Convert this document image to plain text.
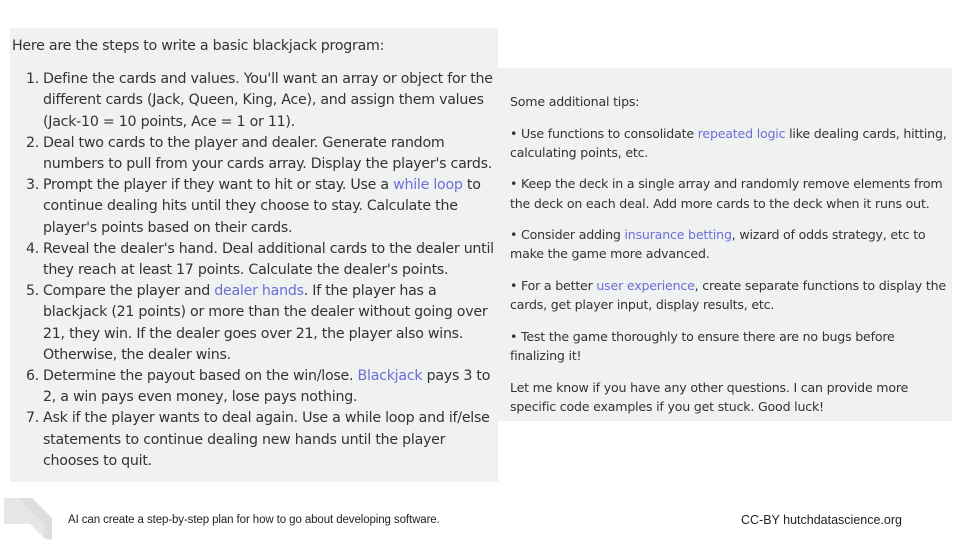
Here are the steps to write a basic blackjack program:

1. Define the cards and values. You'll want an array or object for the different cards (Jack, Queen, King, Ace), and assign them values (Jack-10 = 10 points, Ace = 1 or 11).
2. Deal two cards to the player and dealer. Generate random numbers to pull from your cards array. Display the player's cards.
3. Prompt the player if they want to hit or stay. Use a while loop to continue dealing hits until they choose to stay. Calculate the player's points based on their cards.
4. Reveal the dealer's hand. Deal additional cards to the dealer until they reach at least 17 points. Calculate the dealer's points.
5. Compare the player and dealer hands. If the player has a blackjack (21 points) or more than the dealer without going over 21, they win. If the dealer goes over 21, the player also wins. Otherwise, the dealer wins.
6. Determine the payout based on the win/lose. Blackjack pays 3 to 2, a win pays even money, lose pays nothing.
7. Ask if the player wants to deal again. Use a while loop and if/else statements to continue dealing new hands until the player chooses to quit.

Some additional tips:

• Use functions to consolidate repeated logic like dealing cards, hitting, calculating points, etc.

• Keep the deck in a single array and randomly remove elements from the deck on each deal. Add more cards to the deck when it runs out.

• Consider adding insurance betting, wizard of odds strategy, etc to make the game more advanced.

• For a better user experience, create separate functions to display the cards, get player input, display results, etc.

• Test the game thoroughly to ensure there are no bugs before finalizing it!

Let me know if you have any other questions. I can provide more specific code examples if you get stuck. Good luck!

AI can create a step-by-step plan for how to go about developing software.	CC-BY hutchdatascience.org
